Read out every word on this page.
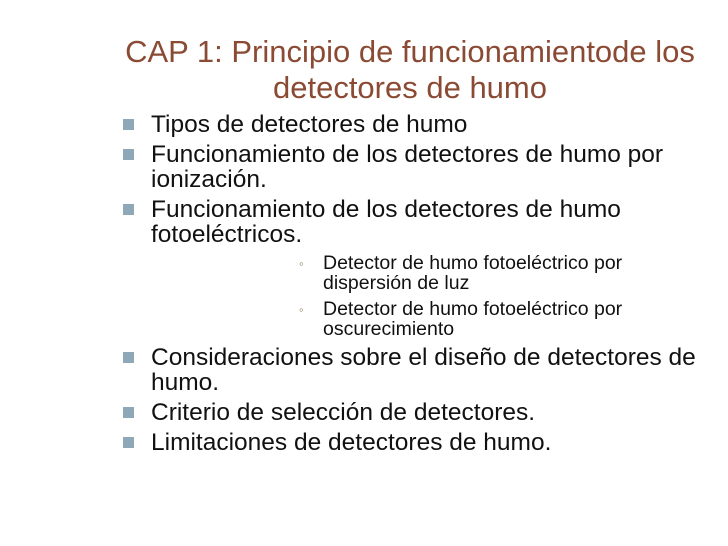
CAP 1: Principio de funcionamientode los detectores de humo
Tipos de detectores de humo
Funcionamiento de los detectores de humo por ionización.
Funcionamiento de los detectores de humo fotoeléctricos.
◦ Detector de humo fotoeléctrico por dispersión de luz
◦ Detector de humo fotoeléctrico por oscurecimiento
Consideraciones sobre el diseño de detectores de humo.
Criterio de selección de detectores.
Limitaciones de detectores de humo.
